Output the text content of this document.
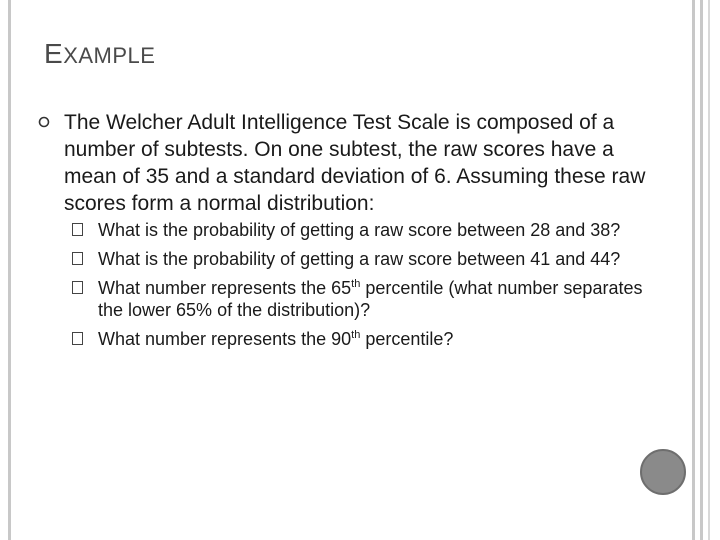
EXAMPLE

The Welcher Adult Intelligence Test Scale is composed of a number of subtests. On one subtest, the raw scores have a mean of 35 and a standard deviation of 6. Assuming these raw scores form a normal distribution:

What is the probability of getting a raw score between 28 and 38?
What is the probability of getting a raw score between 41 and 44?
What number represents the 65th percentile (what number separates the lower 65% of the distribution)?
What number represents the 90th percentile?
